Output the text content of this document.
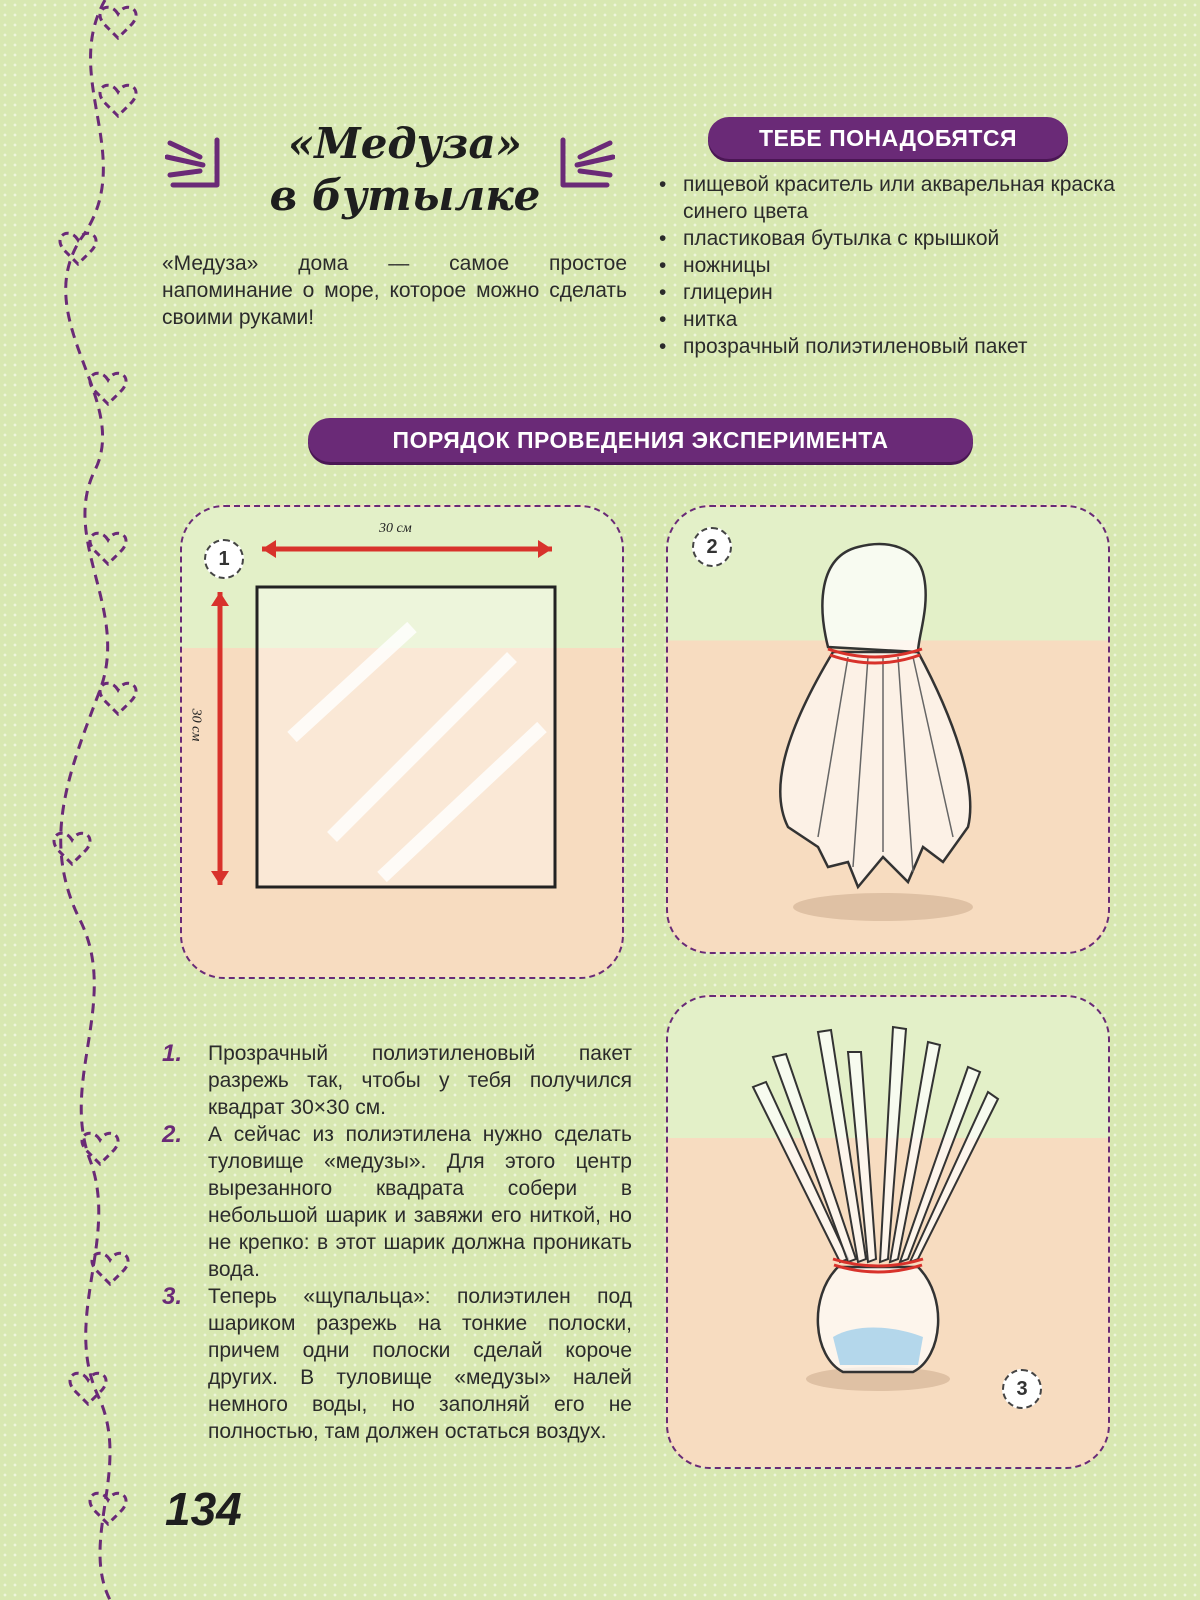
«Медуза»
в бутылке
«Медуза» дома — самое простое напоминание о море, которое можно сделать своими руками!
ТЕБЕ ПОНАДОБЯТСЯ
• пищевой краситель или акварельная краска синего цвета
• пластиковая бутылка с крышкой
• ножницы
• глицерин
• нитка
• прозрачный полиэтиленовый пакет
ПОРЯДОК ПРОВЕДЕНИЯ ЭКСПЕРИМЕНТА
1
30 см
30 см
2
3
1. Прозрачный полиэтиленовый пакет разрежь так, чтобы у тебя получился квадрат 30×30 см.
2. А сейчас из полиэтилена нужно сделать туловище «медузы». Для этого центр вырезанного квадрата собери в небольшой шарик и завяжи его ниткой, но не крепко: в этот шарик должна проникать вода.
3. Теперь «щупальца»: полиэтилен под шариком разрежь на тонкие полоски, причем одни полоски сделай короче других. В туловище «медузы» налей немного воды, но заполняй его не полностью, там должен остаться воздух.
134
